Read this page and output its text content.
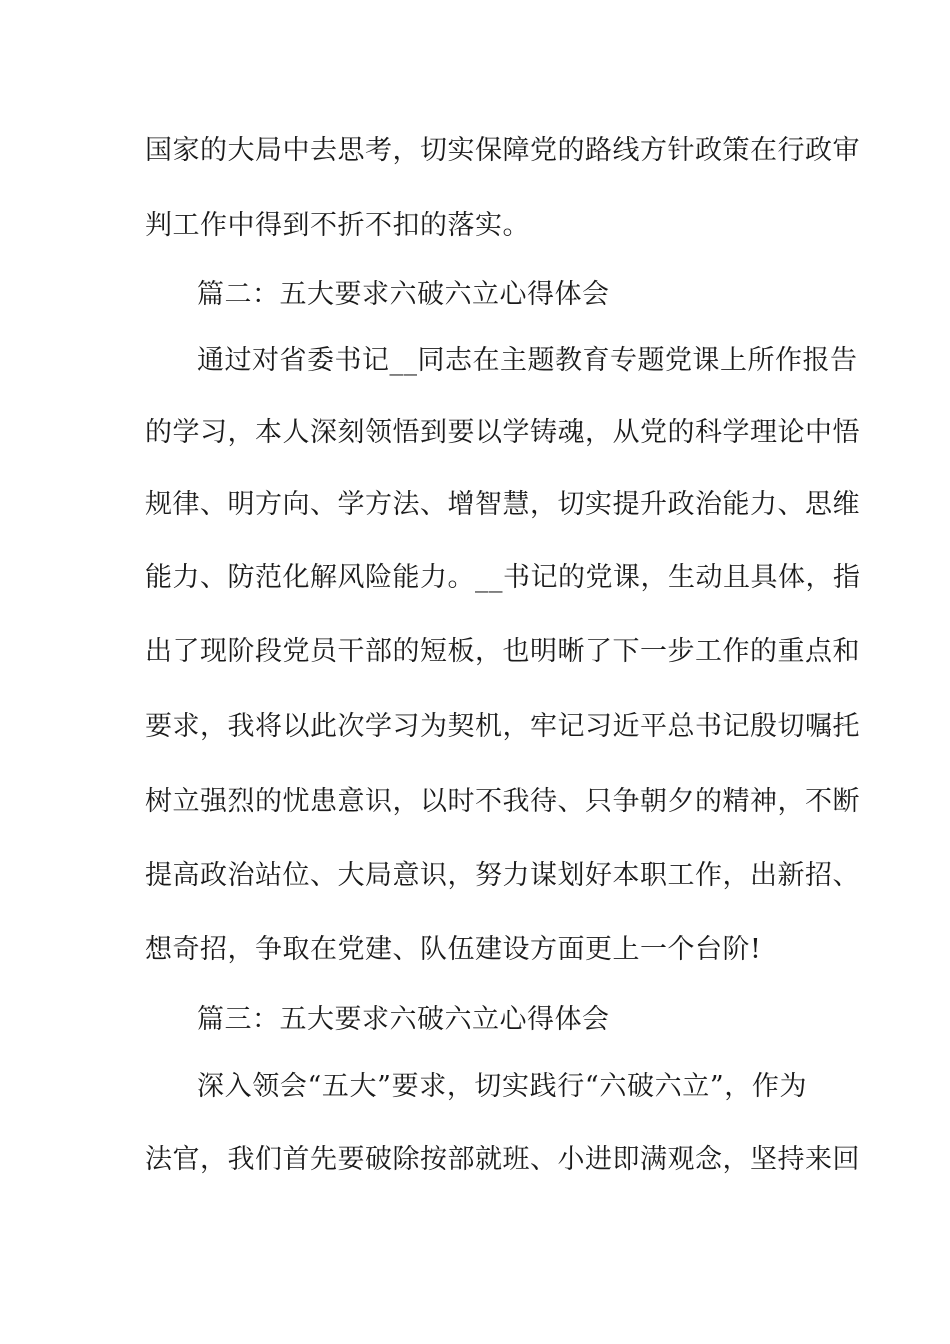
国家的大局中去思考，切实保障党的路线方针政策在行政审
判工作中得到不折不扣的落实。
篇二：五大要求六破六立心得体会
通过对省委书记__同志在主题教育专题党课上所作报告
的学习，本人深刻领悟到要以学铸魂，从党的科学理论中悟
规律、明方向、学方法、增智慧，切实提升政治能力、思维
能力、防范化解风险能力。__书记的党课，生动且具体，指
出了现阶段党员干部的短板，也明晰了下一步工作的重点和
要求，我将以此次学习为契机，牢记习近平总书记殷切嘱托
树立强烈的忧患意识，以时不我待、只争朝夕的精神，不断
提高政治站位、大局意识，努力谋划好本职工作，出新招、
想奇招，争取在党建、队伍建设方面更上一个台阶!
篇三：五大要求六破六立心得体会
深入领会“五大”要求，切实践行“六破六立”，作为
法官，我们首先要破除按部就班、小进即满观念，坚持来回
